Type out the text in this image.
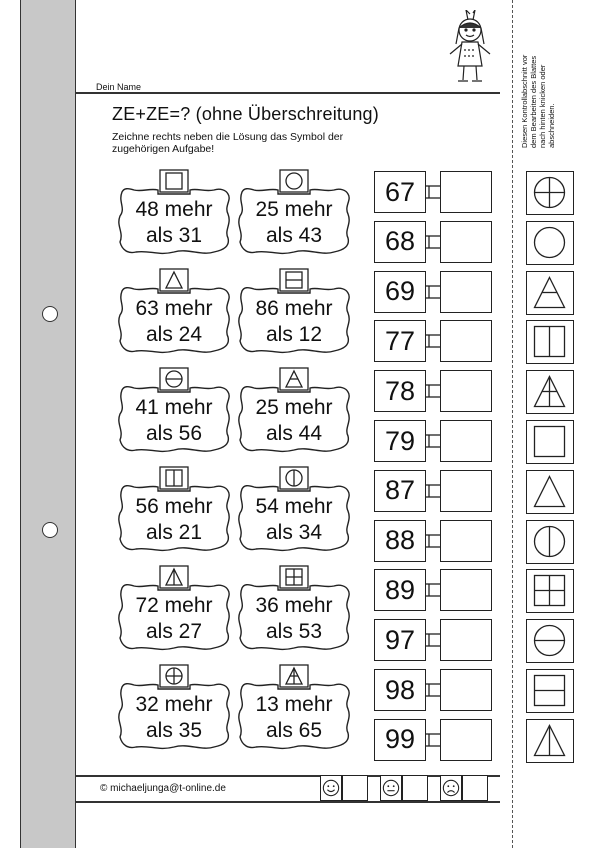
Dein Name
ZE+ZE=? (ohne Überschreitung)
Zeichne rechts neben die Lösung das Symbol der zugehörigen Aufgabe!
Diesen Kontrollabschnitt vor dem Bearbeiten des Blattes nach hinten knicken oder abschneiden.
48 mehr
als 31
25 mehr
als 43
63 mehr
als 24
86 mehr
als 12
41 mehr
als 56
25 mehr
als 44
56 mehr
als 21
54 mehr
als 34
72 mehr
als 27
36 mehr
als 53
32 mehr
als 35
13 mehr
als 65
67
68
69
77
78
79
87
88
89
97
98
99
© michaeljunga@t-online.de
